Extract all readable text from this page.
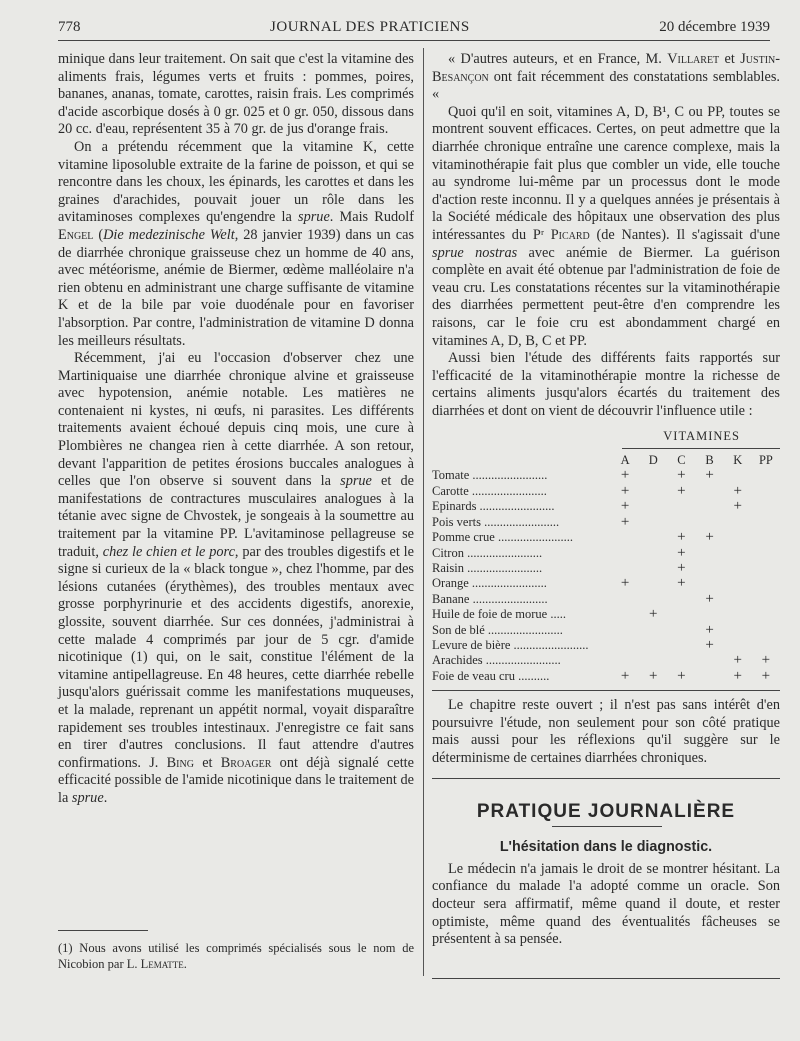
778	JOURNAL DES PRATICIENS	20 décembre 1939

minique dans leur traitement. On sait que c'est la vitamine des aliments frais, légumes verts et fruits : pommes, poires, bananes, ananas, tomate, carottes, raisin frais. Les comprimés d'acide ascorbique dosés à 0 gr. 025 et 0 gr. 050, dissous dans 20 cc. d'eau, représentent 35 à 70 gr. de jus d'orange frais.

On a prétendu récemment que la vitamine K, cette vitamine liposoluble extraite de la farine de poisson, et qui se rencontre dans les choux, les épinards, les carottes et dans les graines d'arachides, pouvait jouer un rôle dans les avitaminoses complexes qu'engendre la sprue. Mais Rudolf Engel (Die medezinische Welt, 28 janvier 1939) dans un cas de diarrhée chronique graisseuse chez un homme de 40 ans, avec météorisme, anémie de Biermer, œdème malléolaire n'a rien obtenu en administrant une charge suffisante de vitamine K et de la bile par voie duodénale pour en favoriser l'absorption. Par contre, l'administration de vitamine D donna les meilleurs résultats.

Récemment, j'ai eu l'occasion d'observer chez une Martiniquaise une diarrhée chronique alvine et graisseuse avec hypotension, anémie notable. Les matières ne contenaient ni kystes, ni œufs, ni parasites. Les différents traitements avaient échoué depuis cinq mois, une cure à Plombières ne changea rien à cette diarrhée. A son retour, devant l'apparition de petites érosions buccales analogues à celles que l'on observe si souvent dans la sprue et de manifestations de contractures musculaires analogues à la tétanie avec signe de Chvostek, je songeais à la soumettre au traitement par la vitamine PP. L'avitaminose pellagreuse se traduit, chez le chien et le porc, par des troubles digestifs et le signe si curieux de la « black tongue », chez l'homme, par des lésions cutanées (érythèmes), des troubles mentaux avec grosse porphyrinurie et des accidents digestifs, anorexie, glossite, souvent diarrhée. Sur ces données, j'administrai à cette malade 4 comprimés par jour de 5 cgr. d'amide nicotinique (1) qui, on le sait, constitue l'élément de la vitamine antipellagreuse. En 48 heures, cette diarrhée rebelle jusqu'alors guérissait comme les manifestations muqueuses, et la malade, reprenant un appétit normal, voyait disparaître rapidement ses troubles intestinaux. J'enregistre ce fait sans en tirer d'autres conclusions. Il faut attendre d'autres confirmations. J. Bing et Broager ont déjà signalé cette efficacité possible de l'amide nicotinique dans le traitement de la sprue.

(1) Nous avons utilisé les comprimés spécialisés sous le nom de Nicobion par L. Lematte.

« D'autres auteurs, et en France, M. Villaret et Justin-Besançon ont fait récemment des constatations semblables. «

Quoi qu'il en soit, vitamines A, D, B¹, C ou PP, toutes se montrent souvent efficaces. Certes, on peut admettre que la diarrhée chronique entraîne une carence complexe, mais la vitaminothérapie fait plus que combler un vide, elle touche au syndrome lui-même par un processus dont le mode d'action reste inconnu. Il y a quelques années je présentais à la Société médicale des hôpitaux une observation des plus intéressantes du Pʳ Picard (de Nantes). Il s'agissait d'une sprue nostras avec anémie de Biermer. La guérison complète en avait été obtenue par l'administration de foie de veau cru. Les constatations récentes sur la vitaminothérapie des diarrhées permettent peut-être d'en comprendre les raisons, car le foie cru est abondamment chargé en vitamines A, D, B, C et PP.

Aussi bien l'étude des différents faits rapportés sur l'efficacité de la vitaminothérapie montre la richesse de certains aliments jusqu'alors écartés du traitement des diarrhées et dont on vient de découvrir l'influence utile :

VITAMINES
	A	D	C	B	K	PP
Tomate ........................	+		+	+		
Carotte ........................	+		+		+	
Epinards ........................	+				+	
Pois verts ........................	+					
Pomme crue ........................			+	+		
Citron ........................			+			
Raisin ........................			+			
Orange ........................	+		+			
Banane ........................				+		
Huile de foie de morue .....		+				
Son de blé ........................				+		
Levure de bière ........................				+		
Arachides ........................					+	+
Foie de veau cru ..........	+	+	+		+	+

Le chapitre reste ouvert ; il n'est pas sans intérêt d'en poursuivre l'étude, non seulement pour son côté pratique mais aussi pour les réflexions qu'il suggère sur le déterminisme de certaines diarrhées chroniques.

PRATIQUE JOURNALIÈRE
L'hésitation dans le diagnostic.

Le médecin n'a jamais le droit de se montrer hésitant. La confiance du malade l'a adopté comme un oracle. Son docteur sera affirmatif, même quand il doute, et rester optimiste, même quand des éventualités fâcheuses se présentent à sa pensée.
